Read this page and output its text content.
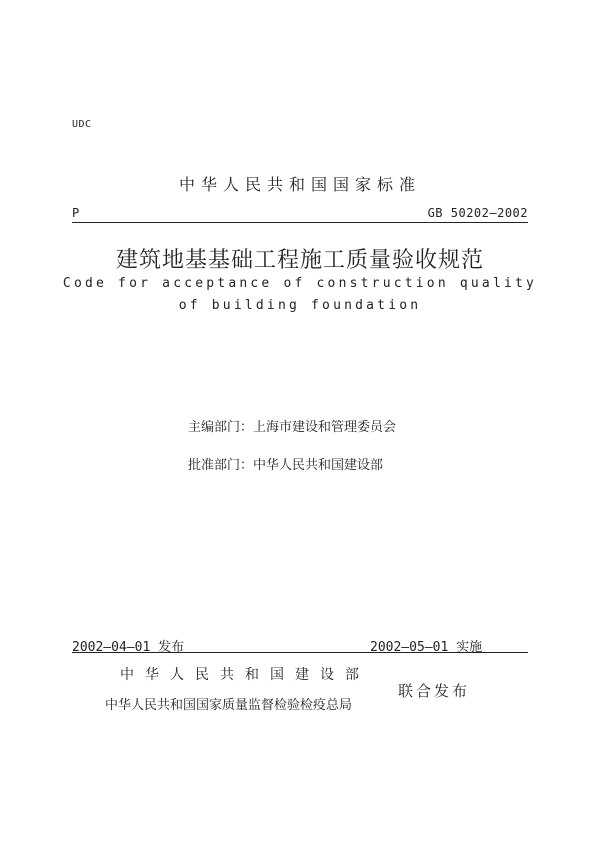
UDC
中华人民共和国国家标准
P	GB 50202—2002
建筑地基基础工程施工质量验收规范
Code for acceptance of construction quality
of building foundation
主编部门：上海市建设和管理委员会
批准部门：中华人民共和国建设部
2002—04—01 发布	2002—05—01 实施
中华人民共和国建设部
中华人民共和国国家质量监督检验检疫总局
联合发布
